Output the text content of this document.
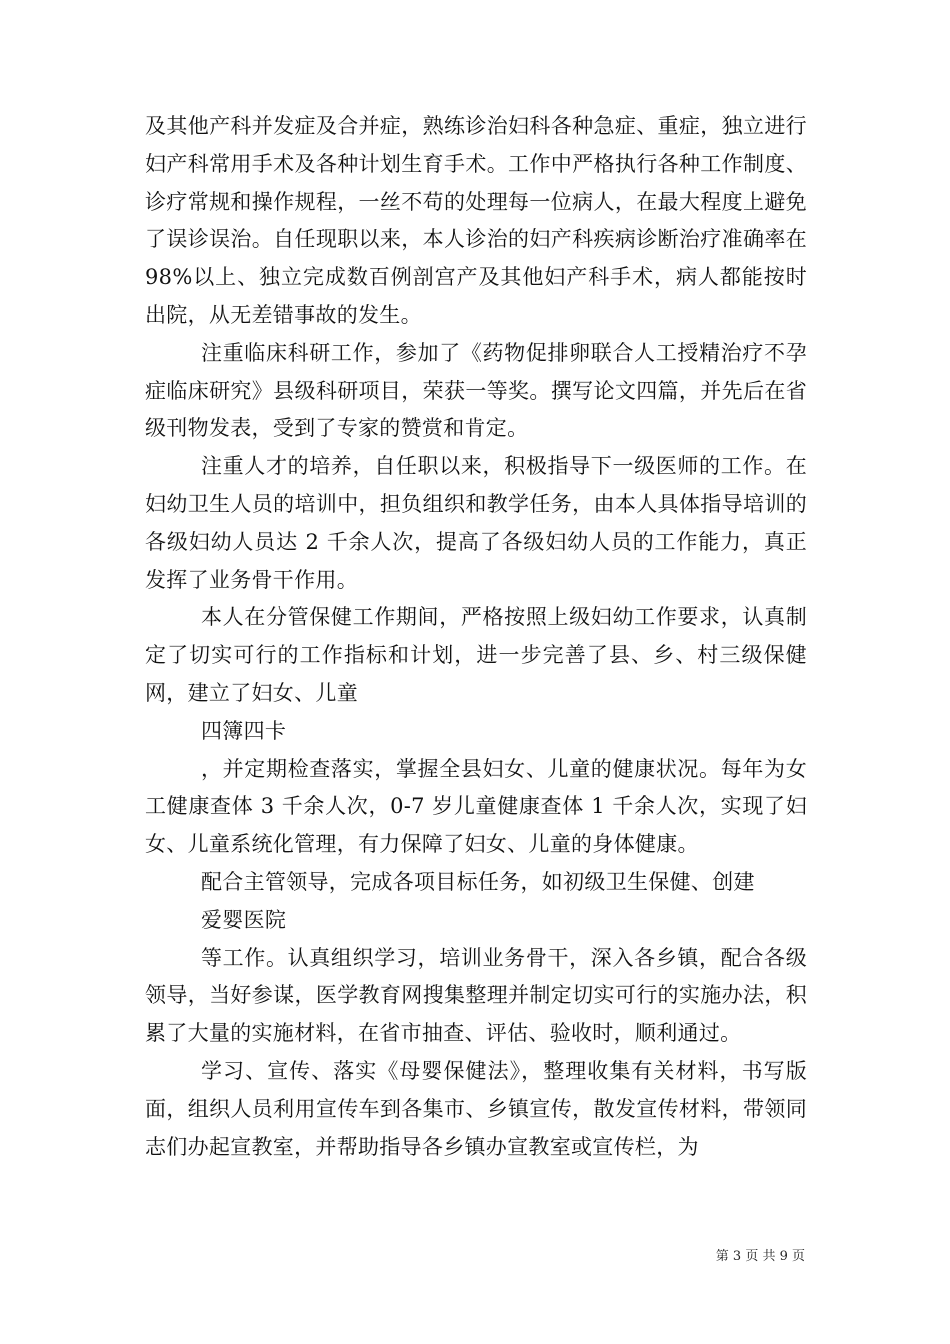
及其他产科并发症及合并症，熟练诊治妇科各种急症、重症，独立进行妇产科常用手术及各种计划生育手术。工作中严格执行各种工作制度、诊疗常规和操作规程，一丝不苟的处理每一位病人，在最大程度上避免了误诊误治。自任现职以来，本人诊治的妇产科疾病诊断治疗准确率在 98%以上、独立完成数百例剖宫产及其他妇产科手术，病人都能按时出院，从无差错事故的发生。

注重临床科研工作，参加了《药物促排卵联合人工授精治疗不孕症临床研究》县级科研项目，荣获一等奖。撰写论文四篇，并先后在省级刊物发表，受到了专家的赞赏和肯定。

注重人才的培养，自任职以来，积极指导下一级医师的工作。在妇幼卫生人员的培训中，担负组织和教学任务，由本人具体指导培训的各级妇幼人员达 2 千余人次，提高了各级妇幼人员的工作能力，真正发挥了业务骨干作用。

本人在分管保健工作期间，严格按照上级妇幼工作要求，认真制定了切实可行的工作指标和计划，进一步完善了县、乡、村三级保健网，建立了妇女、儿童

四簿四卡

，并定期检查落实，掌握全县妇女、儿童的健康状况。每年为女工健康查体 3 千余人次，0-7 岁儿童健康查体 1 千余人次，实现了妇女、儿童系统化管理，有力保障了妇女、儿童的身体健康。

配合主管领导，完成各项目标任务，如初级卫生保健、创建

爱婴医院

等工作。认真组织学习，培训业务骨干，深入各乡镇，配合各级领导，当好参谋，医学教育网搜集整理并制定切实可行的实施办法，积累了大量的实施材料，在省市抽查、评估、验收时，顺利通过。

学习、宣传、落实《母婴保健法》，整理收集有关材料，书写版面，组织人员利用宣传车到各集市、乡镇宣传，散发宣传材料，带领同志们办起宣教室，并帮助指导各乡镇办宣教室或宣传栏，为

第 3 页 共 9 页
